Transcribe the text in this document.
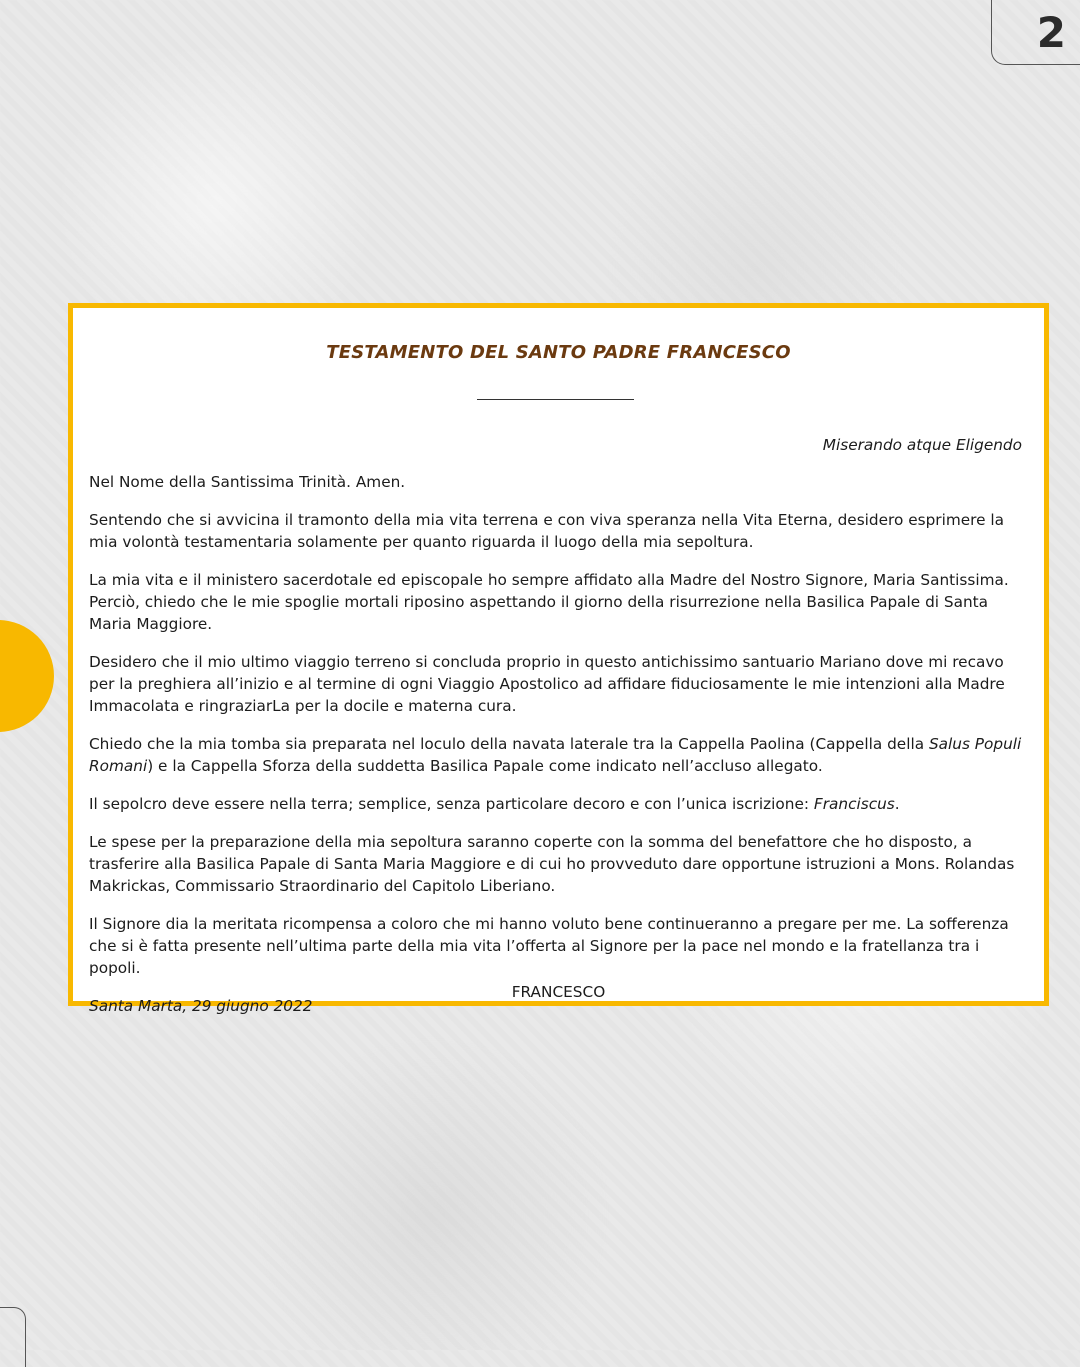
2
TESTAMENTO DEL SANTO PADRE FRANCESCO
Miserando atque Eligendo

Nel Nome della Santissima Trinità. Amen.

Sentendo che si avvicina il tramonto della mia vita terrena e con viva speranza nella Vita Eterna, desidero esprimere la mia volontà testamentaria solamente per quanto riguarda il luogo della mia sepoltura.

La mia vita e il ministero sacerdotale ed episcopale ho sempre affidato alla Madre del Nostro Signore, Maria Santissima. Perciò, chiedo che le mie spoglie mortali riposino aspettando il giorno della risurrezione nella Basilica Papale di Santa Maria Maggiore.

Desidero che il mio ultimo viaggio terreno si concluda proprio in questo antichissimo santuario Mariano dove mi recavo per la preghiera all’inizio e al termine di ogni Viaggio Apostolico ad affidare fiduciosamente le mie intenzioni alla Madre Immacolata e ringraziarLa per la docile e materna cura.

Chiedo che la mia tomba sia preparata nel loculo della navata laterale tra la Cappella Paolina (Cappella della Salus Populi Romani) e la Cappella Sforza della suddetta Basilica Papale come indicato nell’accluso allegato.

Il sepolcro deve essere nella terra; semplice, senza particolare decoro e con l’unica iscrizione: Franciscus.

Le spese per la preparazione della mia sepoltura saranno coperte con la somma del benefattore che ho disposto, a trasferire alla Basilica Papale di Santa Maria Maggiore e di cui ho provveduto dare opportune istruzioni a Mons. Rolandas Makrickas, Commissario Straordinario del Capitolo Liberiano.

Il Signore dia la meritata ricompensa a coloro che mi hanno voluto bene continueranno a pregare per me. La sofferenza che si è fatta presente nell’ultima parte della mia vita l’offerta al Signore per la pace nel mondo e la fratellanza tra i popoli.

Santa Marta, 29 giugno 2022

FRANCESCO
